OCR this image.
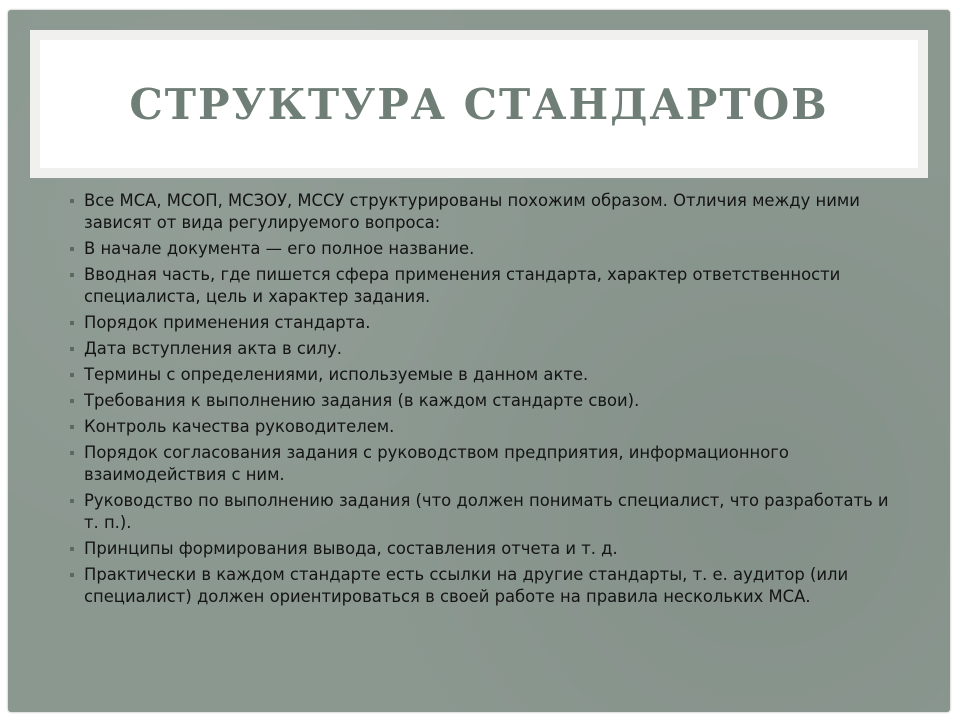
СТРУКТУРА СТАНДАРТОВ
Все МСА, МСОП, МСЗОУ, МССУ структурированы похожим образом. Отличия между ними зависят от вида регулируемого вопроса:
В начале документа — его полное название.
Вводная часть, где пишется сфера применения стандарта, характер ответственности специалиста, цель и характер задания.
Порядок применения стандарта.
Дата вступления акта в силу.
Термины с определениями, используемые в данном акте.
Требования к выполнению задания (в каждом стандарте свои).
Контроль качества руководителем.
Порядок согласования задания с руководством предприятия, информационного взаимодействия с ним.
Руководство по выполнению задания (что должен понимать специалист, что разработать и т. п.).
Принципы формирования вывода, составления отчета и т. д.
Практически в каждом стандарте есть ссылки на другие стандарты, т. е. аудитор (или специалист) должен ориентироваться в своей работе на правила нескольких МСА.
